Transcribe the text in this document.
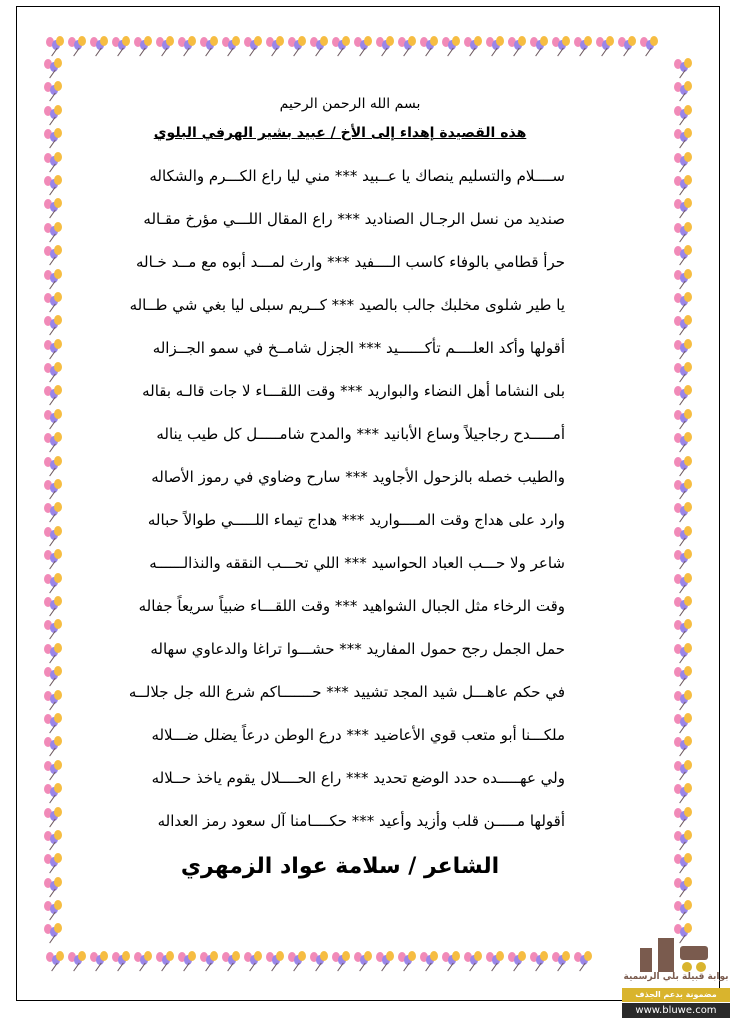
بسم الله الرحمن الرحيم
هذه القصيدة إهداء إلى الأخ / عبيد بشير الهرفي البلوي
ســــلام والتسليم ينصاك يا عــبيد *** مني ليا راع الكـــرم والشكاله
صنديد من نسل الرجـال الصناديد *** راع المقال اللـــي مؤرخ مقـاله
حرأ قطامي بالوفاء كاسب الــــفيد *** وارث لمـــد أبوه مع مــد خـاله
يا طير شلوى مخلبك جالب بالصيد *** كــريم سبلى ليا بغي شي طــاله
أقولها وأكد العلــــم تأكــــــيد *** الجزل شامــخ في سمو الجــزاله
بلى النشاما أهل النضاء والبواريد *** وقت اللقـــاء لا جات قالـه بقاله
أمـــــدح رجاجيلاً وساع الأبانيد *** والمدح شامـــــل كل طيب يناله
والطيب خصله بالزحول الأجاويد *** سارح وضاوي في رموز الأصاله
وارد على هداج وقت المــــواريد *** هداج تيماء اللـــــي طوالاً حباله
شاعر ولا حـــب العباد الحواسيد *** اللي تحـــب النققه والنذالــــــه
وقت الرخاء مثل الجبال الشواهيد *** وقت اللقـــاء ضبياً سريعاً جفاله
حمل الجمل رجح حمول المفاريد *** حشـــوا تراغا والدعاوي سهاله
في حكم عاهـــل شيد المجد تشييد *** حـــــــاكم شرع الله جل جلالــه
ملكـــنا أبو متعب قوي الأعاضيد *** درع الوطن درعاً يضلل ضـــلاله
ولي عهـــــده حدد الوضع تحديد *** راع الحــــلال يقوم ياخذ حــلاله
أقولها مـــــن قلب وأزيد وأعيد *** حكــــامنا آل سعود رمز العداله
الشاعر / سلامة عواد الزمهري
بوابة قبيلة بلي الرسمية
مضمونة بدعم الجذف
www.bluwe.com
